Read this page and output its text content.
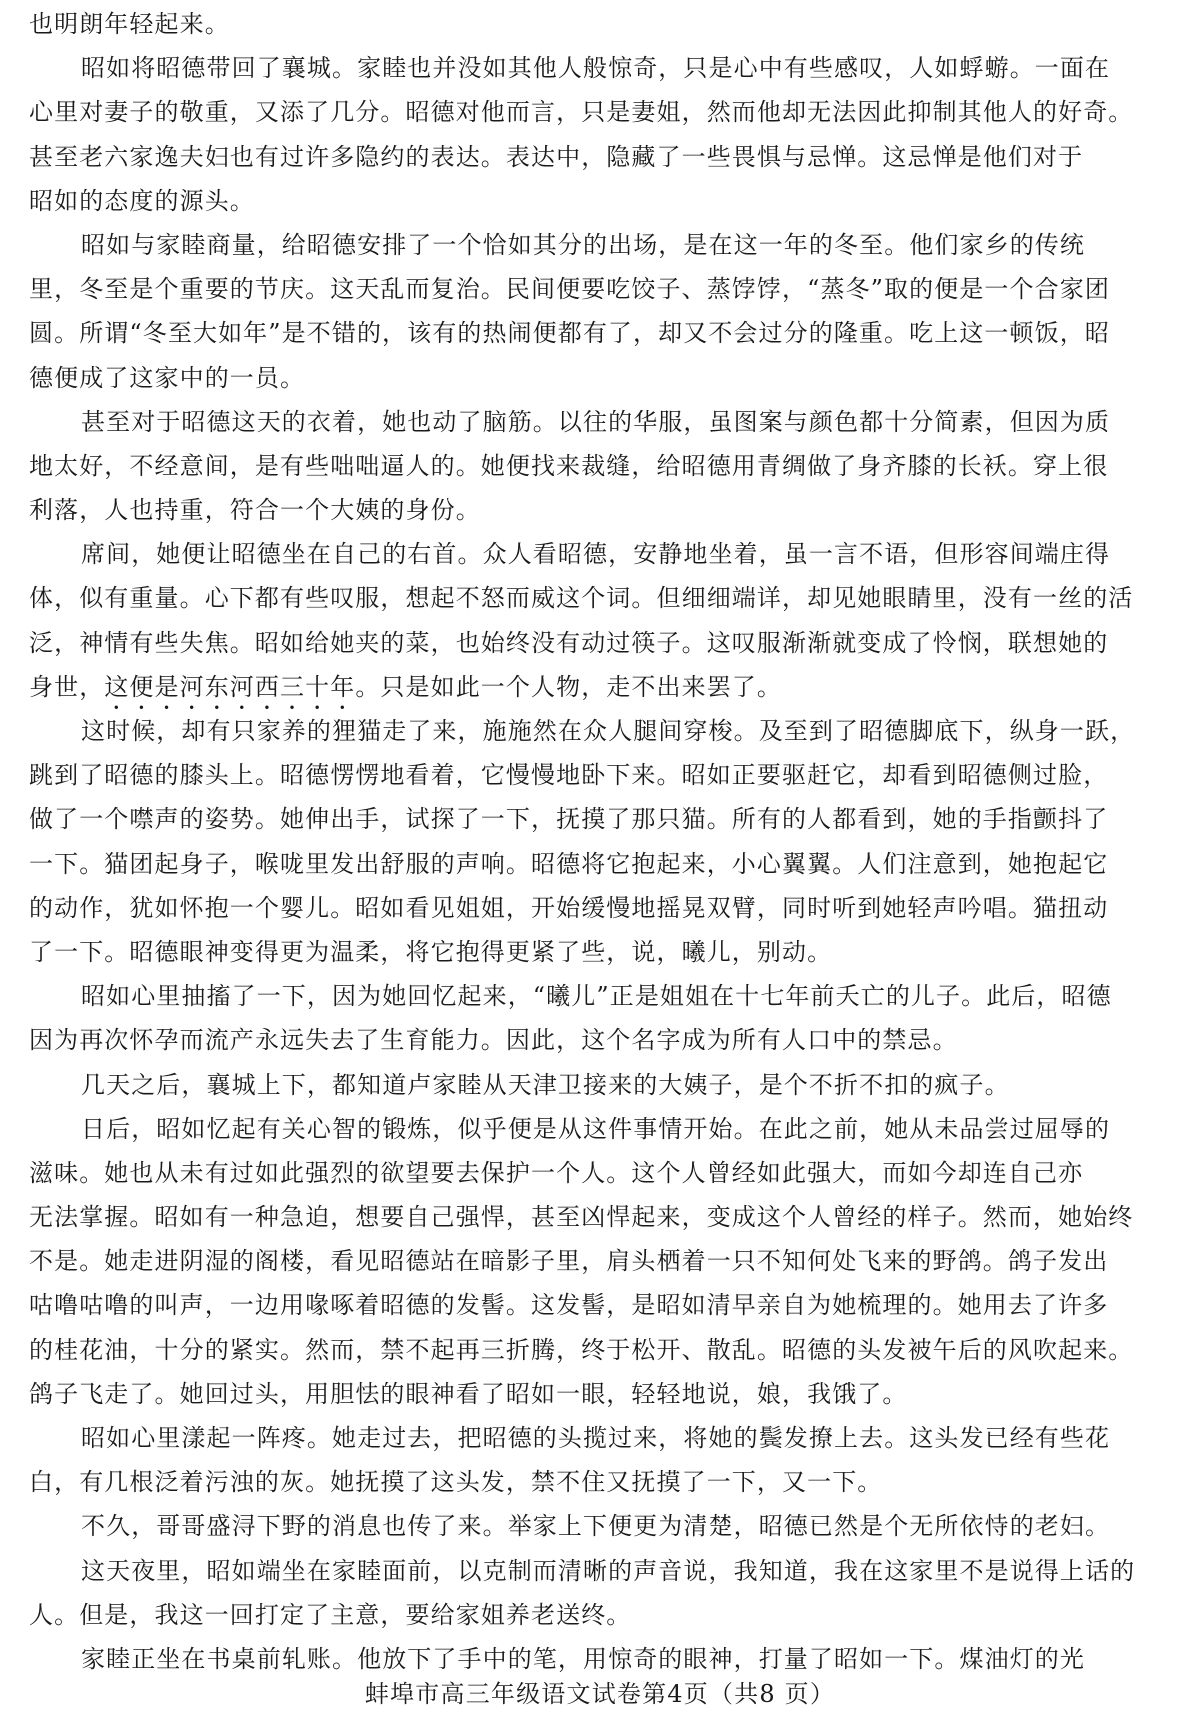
也明朗年轻起来。
昭如将昭德带回了襄城。家睦也并没如其他人般惊奇，只是心中有些感叹，人如蜉蝣。一面在
心里对妻子的敬重，又添了几分。昭德对他而言，只是妻姐，然而他却无法因此抑制其他人的好奇。
甚至老六家逸夫妇也有过许多隐约的表达。表达中，隐藏了一些畏惧与忌惮。这忌惮是他们对于
昭如的态度的源头。
昭如与家睦商量，给昭德安排了一个恰如其分的出场，是在这一年的冬至。他们家乡的传统
里，冬至是个重要的节庆。这天乱而复治。民间便要吃饺子、蒸饽饽，“蒸冬”取的便是一个合家团
圆。所谓“冬至大如年”是不错的，该有的热闹便都有了，却又不会过分的隆重。吃上这一顿饭，昭
德便成了这家中的一员。
甚至对于昭德这天的衣着，她也动了脑筋。以往的华服，虽图案与颜色都十分简素，但因为质
地太好，不经意间，是有些咄咄逼人的。她便找来裁缝，给昭德用青绸做了身齐膝的长袄。穿上很
利落，人也持重，符合一个大姨的身份。
席间，她便让昭德坐在自己的右首。众人看昭德，安静地坐着，虽一言不语，但形容间端庄得
体，似有重量。心下都有些叹服，想起不怒而威这个词。但细细端详，却见她眼睛里，没有一丝的活
泛，神情有些失焦。昭如给她夹的菜，也始终没有动过筷子。这叹服渐渐就变成了怜悯，联想她的
身世，这便是河东河西三十年。只是如此一个人物，走不出来罢了。
这时候，却有只家养的狸猫走了来，施施然在众人腿间穿梭。及至到了昭德脚底下，纵身一跃，
跳到了昭德的膝头上。昭德愣愣地看着，它慢慢地卧下来。昭如正要驱赶它，却看到昭德侧过脸，
做了一个噤声的姿势。她伸出手，试探了一下，抚摸了那只猫。所有的人都看到，她的手指颤抖了
一下。猫团起身子，喉咙里发出舒服的声响。昭德将它抱起来，小心翼翼。人们注意到，她抱起它
的动作，犹如怀抱一个婴儿。昭如看见姐姐，开始缓慢地摇晃双臂，同时听到她轻声吟唱。猫扭动
了一下。昭德眼神变得更为温柔，将它抱得更紧了些，说，曦儿，别动。
昭如心里抽搐了一下，因为她回忆起来，“曦儿”正是姐姐在十七年前夭亡的儿子。此后，昭德
因为再次怀孕而流产永远失去了生育能力。因此，这个名字成为所有人口中的禁忌。
几天之后，襄城上下，都知道卢家睦从天津卫接来的大姨子，是个不折不扣的疯子。
日后，昭如忆起有关心智的锻炼，似乎便是从这件事情开始。在此之前，她从未品尝过屈辱的
滋味。她也从未有过如此强烈的欲望要去保护一个人。这个人曾经如此强大，而如今却连自己亦
无法掌握。昭如有一种急迫，想要自己强悍，甚至凶悍起来，变成这个人曾经的样子。然而，她始终
不是。她走进阴湿的阁楼，看见昭德站在暗影子里，肩头栖着一只不知何处飞来的野鸽。鸽子发出
咕噜咕噜的叫声，一边用喙啄着昭德的发髻。这发髻，是昭如清早亲自为她梳理的。她用去了许多
的桂花油，十分的紧实。然而，禁不起再三折腾，终于松开、散乱。昭德的头发被午后的风吹起来。
鸽子飞走了。她回过头，用胆怯的眼神看了昭如一眼，轻轻地说，娘，我饿了。
昭如心里漾起一阵疼。她走过去，把昭德的头揽过来，将她的鬓发撩上去。这头发已经有些花
白，有几根泛着污浊的灰。她抚摸了这头发，禁不住又抚摸了一下，又一下。
不久，哥哥盛浔下野的消息也传了来。举家上下便更为清楚，昭德已然是个无所依恃的老妇。
这天夜里，昭如端坐在家睦面前，以克制而清晰的声音说，我知道，我在这家里不是说得上话的
人。但是，我这一回打定了主意，要给家姐养老送终。
家睦正坐在书桌前轧账。他放下了手中的笔，用惊奇的眼神，打量了昭如一下。煤油灯的光
蚌埠市高三年级语文试卷第4页（共8 页）
